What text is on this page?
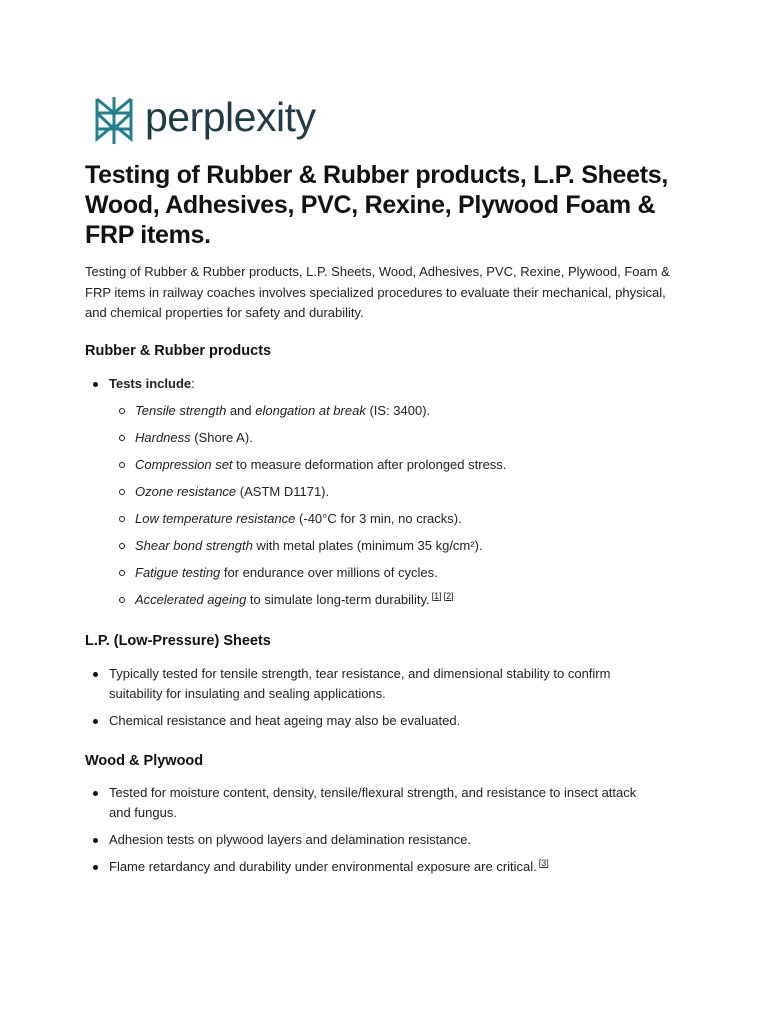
perplexity
Testing of Rubber & Rubber products, L.P. Sheets, Wood, Adhesives, PVC, Rexine, Plywood Foam & FRP items.

Testing of Rubber & Rubber products, L.P. Sheets, Wood, Adhesives, PVC, Rexine, Plywood, Foam & FRP items in railway coaches involves specialized procedures to evaluate their mechanical, physical, and chemical properties for safety and durability.

Rubber & Rubber products
Tests include:
Tensile strength and elongation at break (IS: 3400).
Hardness (Shore A).
Compression set to measure deformation after prolonged stress.
Ozone resistance (ASTM D1171).
Low temperature resistance (-40°C for 3 min, no cracks).
Shear bond strength with metal plates (minimum 35 kg/cm²).
Fatigue testing for endurance over millions of cycles.
Accelerated ageing to simulate long-term durability. [1] [2]
L.P. (Low-Pressure) Sheets
Typically tested for tensile strength, tear resistance, and dimensional stability to confirm suitability for insulating and sealing applications.
Chemical resistance and heat ageing may also be evaluated.
Wood & Plywood
Tested for moisture content, density, tensile/flexural strength, and resistance to insect attack and fungus.
Adhesion tests on plywood layers and delamination resistance.
Flame retardancy and durability under environmental exposure are critical. [3]
